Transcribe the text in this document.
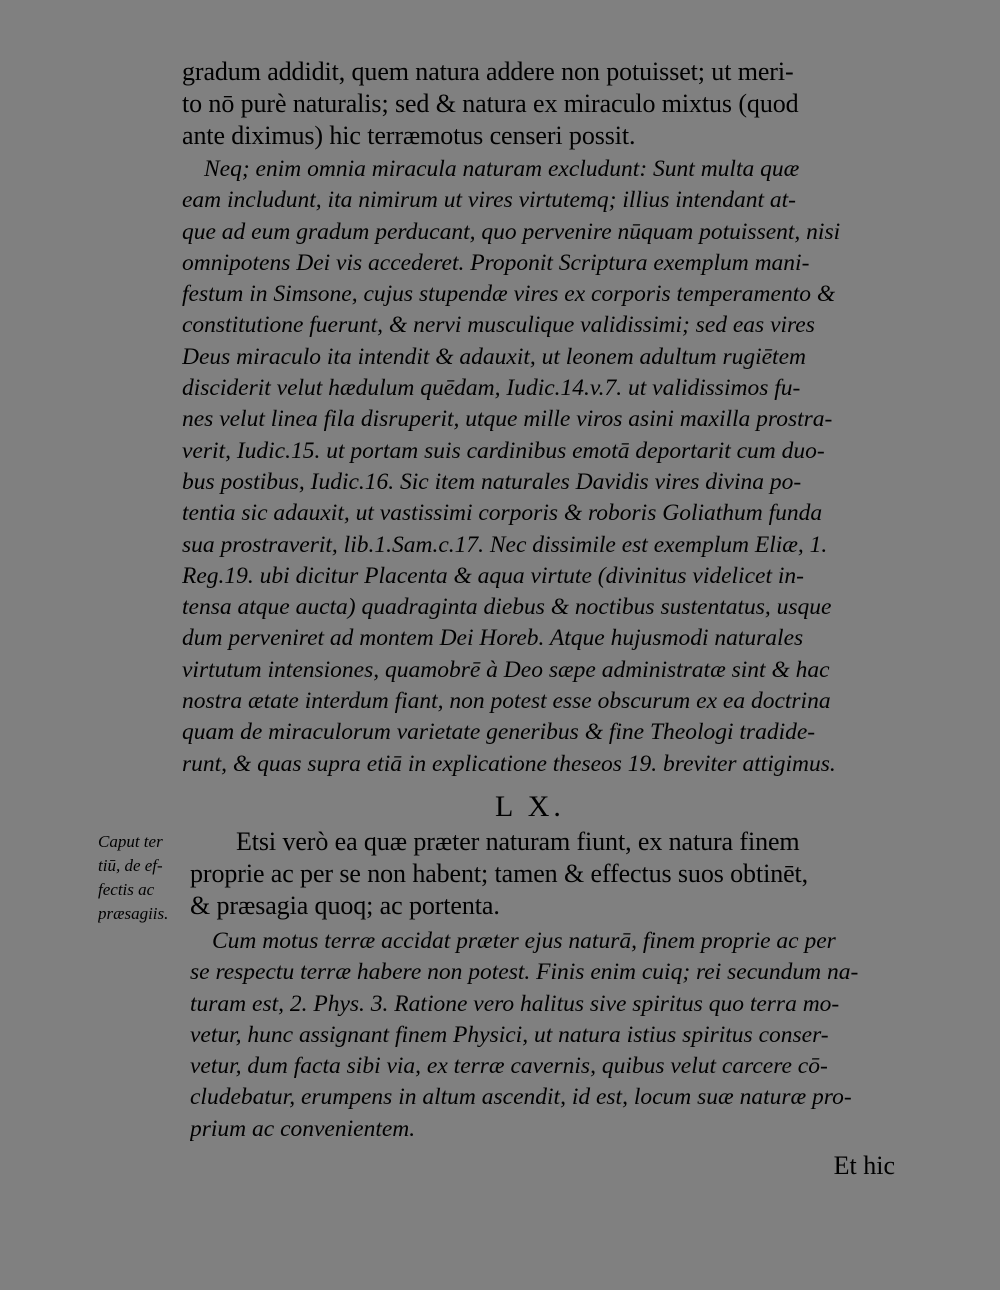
gradum addidit, quem natura addere non potuisset; ut meri-
to nō purè naturalis; sed & natura ex miraculo mixtus (quod
ante diximus) hic terræmotus censeri possit.
Neq; enim omnia miracula naturam excludunt: Sunt multa quæ
eam includunt, ita nimirum ut vires virtutemq; illius intendant at-
que ad eum gradum perducant, quo pervenire nūquam potuissent, nisi
omnipotens Dei vis accederet. Proponit Scriptura exemplum mani-
festum in Simsone, cujus stupendæ vires ex corporis temperamento &
constitutione fuerunt, & nervi musculique validissimi; sed eas vires
Deus miraculo ita intendit & adauxit, ut leonem adultum rugiētem
disciderit velut hædulum quēdam, Iudic.14.v.7. ut validissimos fu-
nes velut linea fila disruperit, utque mille viros asini maxilla prostra-
verit, Iudic.15. ut portam suis cardinibus emotā deportarit cum duo-
bus postibus, Iudic.16. Sic item naturales Davidis vires divina po-
tentia sic adauxit, ut vastissimi corporis & roboris Goliathum funda
sua prostraverit, lib.1.Sam.c.17. Nec dissimile est exemplum Eliæ, 1.
Reg.19. ubi dicitur Placenta & aqua virtute (divinitus videlicet in-
tensa atque aucta) quadraginta diebus & noctibus sustentatus, usque
dum perveniret ad montem Dei Horeb. Atque hujusmodi naturales
virtutum intensiones, quamobrē à Deo sæpe administratæ sint & hac
nostra ætate interdum fiant, non potest esse obscurum ex ea doctrina
quam de miraculorum varietate generibus & fine Theologi tradide-
runt, & quas supra etiā in explicatione theseos 19. breviter attigimus.
L X.
Caput ter
tiū, de ef-
fectis ac
præsagiis.
Etsi verò ea quæ præter naturam fiunt, ex natura finem
proprie ac per se non habent; tamen & effectus suos obtinēt,
& præsagia quoq; ac portenta.
Cum motus terræ accidat præter ejus naturā, finem proprie ac per
se respectu terræ habere non potest. Finis enim cuiq; rei secundum na-
turam est, 2. Phys. 3. Ratione vero halitus sive spiritus quo terra mo-
vetur, hunc assignant finem Physici, ut natura istius spiritus conser-
vetur, dum facta sibi via, ex terræ cavernis, quibus velut carcere cō-
cludebatur, erumpens in altum ascendit, id est, locum suæ naturæ pro-
prium ac convenientem.
Et hic
